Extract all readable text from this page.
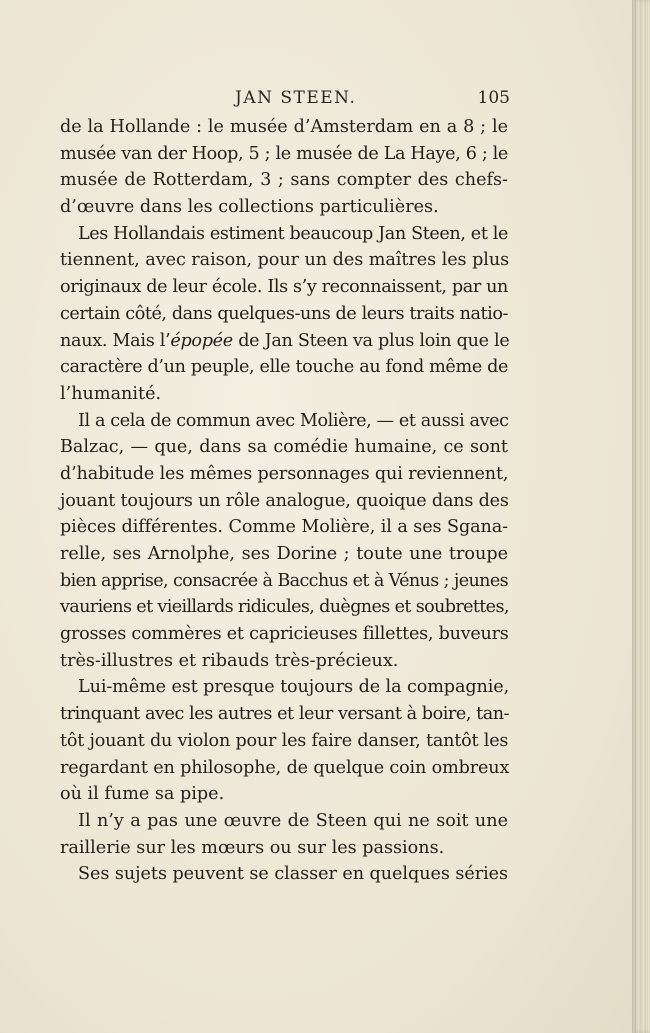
JAN STEEN.	105
de la Hollande : le musée d’Amsterdam en a 8 ; le
musée van der Hoop, 5 ; le musée de La Haye, 6 ; le
musée de Rotterdam, 3 ; sans compter des chefs-
d’œuvre dans les collections particulières.
Les Hollandais estiment beaucoup Jan Steen, et le
tiennent, avec raison, pour un des maîtres les plus
originaux de leur école. Ils s’y reconnaissent, par un
certain côté, dans quelques-uns de leurs traits natio-
naux. Mais l’épopée de Jan Steen va plus loin que le
caractère d’un peuple, elle touche au fond même de
l’humanité.
Il a cela de commun avec Molière, — et aussi avec
Balzac, — que, dans sa comédie humaine, ce sont
d’habitude les mêmes personnages qui reviennent,
jouant toujours un rôle analogue, quoique dans des
pièces différentes. Comme Molière, il a ses Sgana-
relle, ses Arnolphe, ses Dorine ; toute une troupe
bien apprise, consacrée à Bacchus et à Vénus ; jeunes
vauriens et vieillards ridicules, duègnes et soubrettes,
grosses commères et capricieuses fillettes, buveurs
très-illustres et ribauds très-précieux.
Lui-même est presque toujours de la compagnie,
trinquant avec les autres et leur versant à boire, tan-
tôt jouant du violon pour les faire danser, tantôt les
regardant en philosophe, de quelque coin ombreux
où il fume sa pipe.
Il n’y a pas une œuvre de Steen qui ne soit une
raillerie sur les mœurs ou sur les passions.
Ses sujets peuvent se classer en quelques séries
